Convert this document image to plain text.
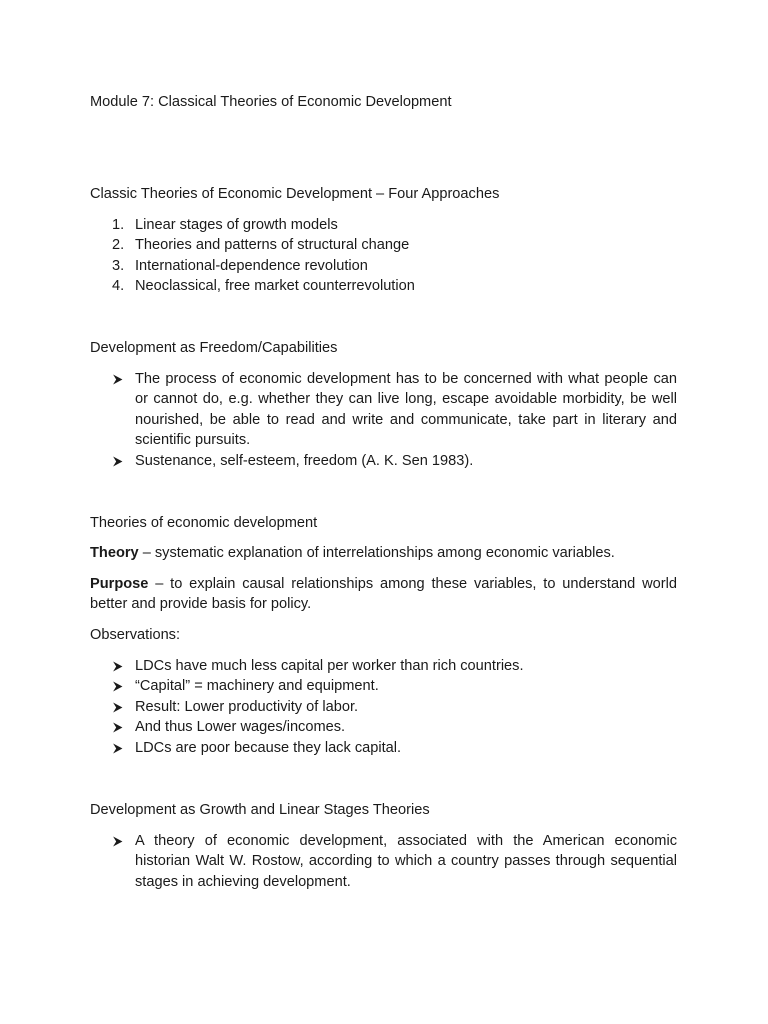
Module 7: Classical Theories of Economic Development
Classic Theories of Economic Development – Four Approaches
1. Linear stages of growth models
2. Theories and patterns of structural change
3. International-dependence revolution
4. Neoclassical, free market counterrevolution
Development as Freedom/Capabilities
The process of economic development has to be concerned with what people can or cannot do, e.g. whether they can live long, escape avoidable morbidity, be well nourished, be able to read and write and communicate, take part in literary and scientific pursuits.
Sustenance, self-esteem, freedom (A. K. Sen 1983).
Theories of economic development

Theory – systematic explanation of interrelationships among economic variables.

Purpose – to explain causal relationships among these variables, to understand world better and provide basis for policy.

Observations:
LDCs have much less capital per worker than rich countries.
“Capital” = machinery and equipment.
Result: Lower productivity of labor.
And thus Lower wages/incomes.
LDCs are poor because they lack capital.
Development as Growth and Linear Stages Theories
A theory of economic development, associated with the American economic historian Walt W. Rostow, according to which a country passes through sequential stages in achieving development.
